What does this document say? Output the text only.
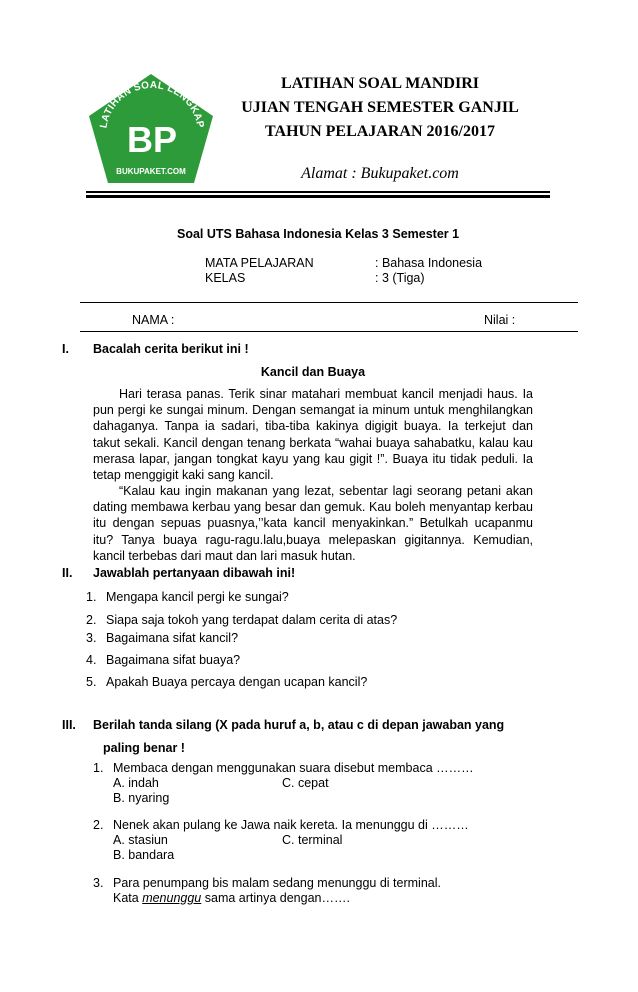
LATIHAN SOAL LENGKAP
BP
BUKUPAKET.COM
LATIHAN SOAL MANDIRI
UJIAN TENGAH SEMESTER GANJIL
TAHUN PELAJARAN 2016/2017
Alamat : Bukupaket.com
Soal UTS Bahasa Indonesia Kelas 3 Semester 1
MATA PELAJARAN	: Bahasa Indonesia
KELAS	: 3 (Tiga)
NAMA :	Nilai :
I. Bacalah cerita berikut ini !
Kancil dan Buaya
Hari terasa panas. Terik sinar matahari membuat kancil menjadi haus. Ia
pun pergi ke sungai minum. Dengan semangat ia minum untuk menghilangkan
dahaganya. Tanpa ia sadari, tiba-tiba kakinya digigit buaya. Ia terkejut dan
takut sekali. Kancil dengan tenang berkata “wahai buaya sahabatku, kalau kau
merasa lapar, jangan tongkat kayu yang kau gigit !”. Buaya itu tidak peduli. Ia
tetap menggigit kaki sang kancil.
“Kalau kau ingin makanan yang lezat, sebentar lagi seorang petani akan
dating membawa kerbau yang besar dan gemuk. Kau boleh menyantap kerbau
itu dengan sepuas puasnya,’’kata kancil menyakinkan.” Betulkah ucapanmu
itu? Tanya buaya ragu-ragu.lalu,buaya melepaskan gigitannya. Kemudian,
kancil terbebas dari maut dan lari masuk hutan.
II. Jawablah pertanyaan dibawah ini!
1. Mengapa kancil pergi ke sungai?
2. Siapa saja tokoh yang terdapat dalam cerita di atas?
3. Bagaimana sifat kancil?
4. Bagaimana sifat buaya?
5. Apakah Buaya percaya dengan ucapan kancil?
III. Berilah tanda silang (X pada huruf a, b, atau c di depan jawaban yang
paling benar !
1. Membaca dengan menggunakan suara disebut membaca ………
A. indah	C. cepat
B. nyaring
2. Nenek akan pulang ke Jawa naik kereta. Ia menunggu di ………
A. stasiun	C. terminal
B. bandara
3. Para penumpang bis malam sedang menunggu di terminal.
Kata menunggu sama artinya dengan…….
